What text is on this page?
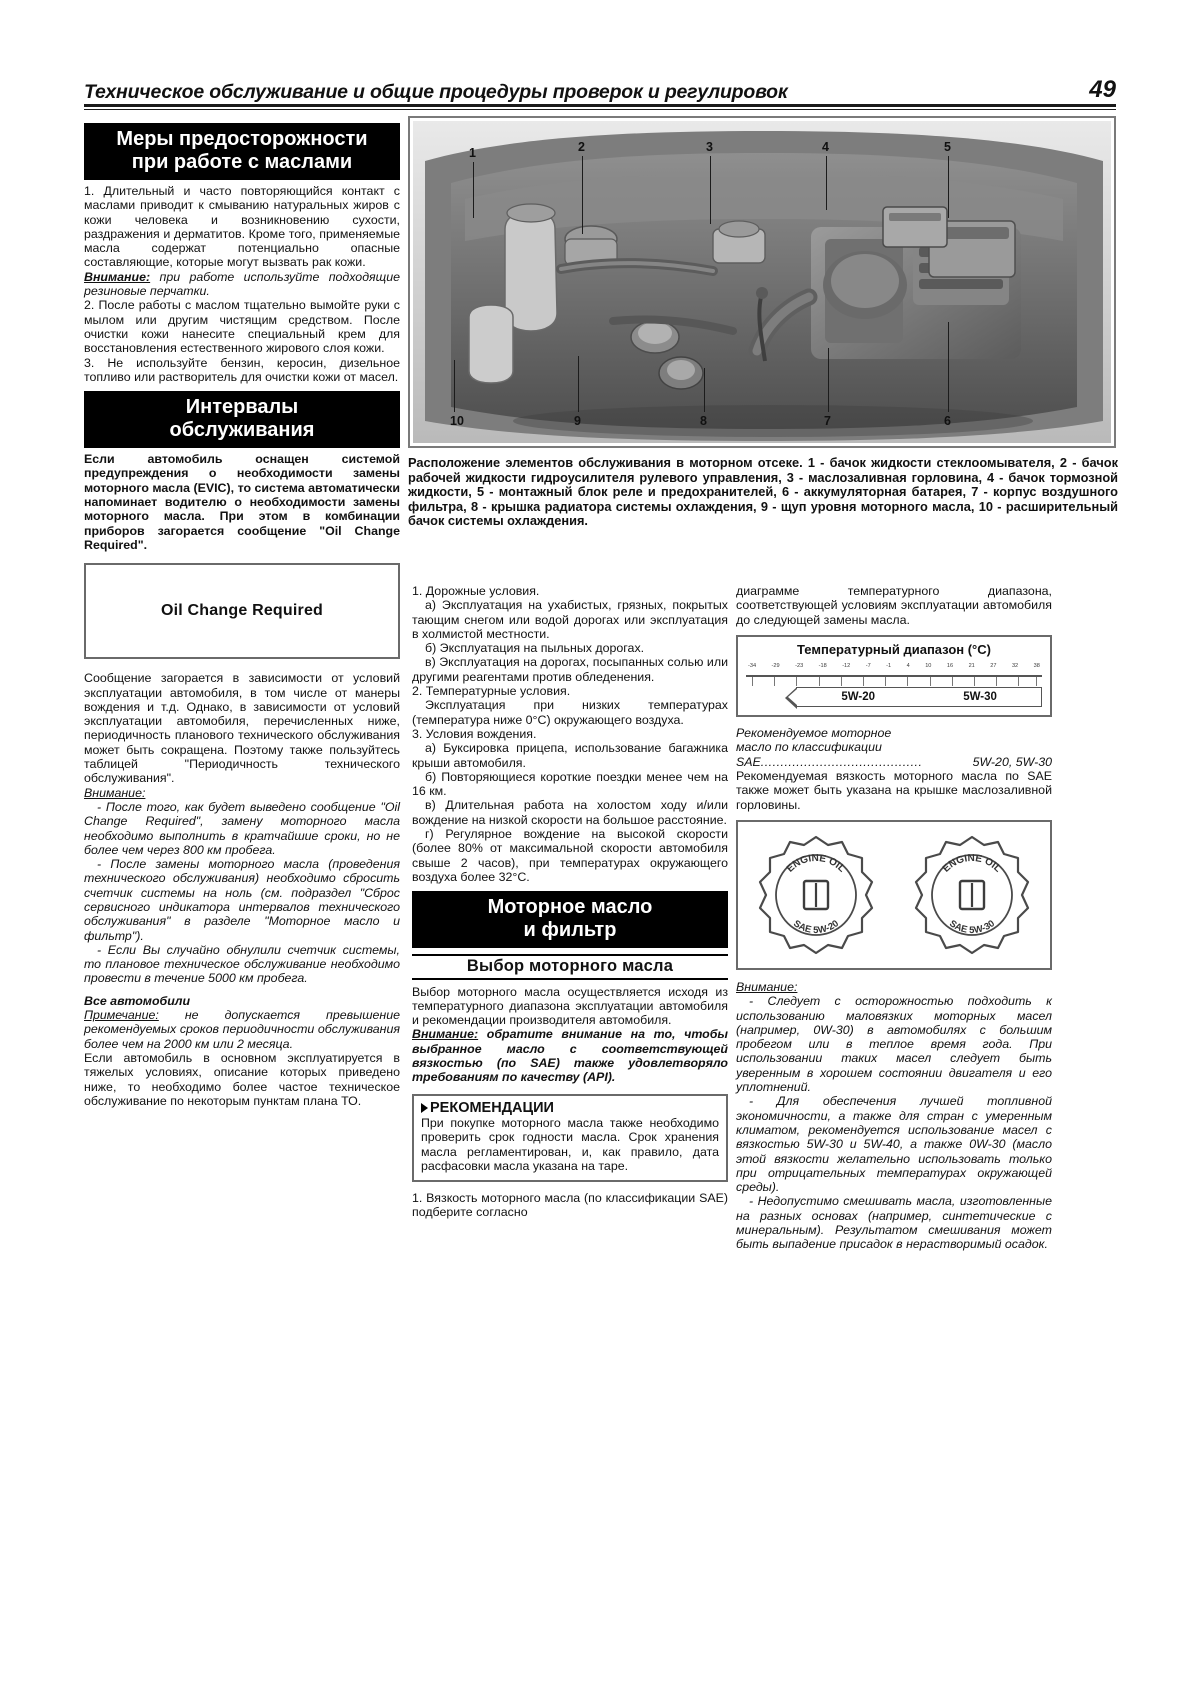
Техническое обслуживание и общие процедуры проверок и регулировок	49
Меры предосторожности
при работе с маслами

1. Длительный и часто повторяющийся контакт с маслами приводит к смыванию натуральных жиров с кожи человека и возникновению сухости, раздражения и дерматитов. Кроме того, применяемые масла содержат потенциально опасные составляющие, которые могут вызвать рак кожи.

Внимание: при работе используйте подходящие резиновые перчатки.

2. После работы с маслом тщательно вымойте руки с мылом или другим чистящим средством. После очистки кожи нанесите специальный крем для восстановления естественного жирового слоя кожи.

3. Не используйте бензин, керосин, дизельное топливо или растворитель для очистки кожи от масел.

Интервалы
обслуживания

Если автомобиль оснащен системой предупреждения о необходимости замены моторного масла (EVIC), то система автоматически напоминает водителю о необходимости замены моторного масла. При этом в комбинации приборов загорается сообщение "Oil Change Required".

Oil Change Required

Сообщение загорается в зависимости от условий эксплуатации автомобиля, в том числе от манеры вождения и т.д. Однако, в зависимости от условий эксплуатации автомобиля, перечисленных ниже, периодичность планового технического обслуживания может быть сокращена. Поэтому также пользуйтесь таблицей "Периодичность технического обслуживания".

Внимание:

- После того, как будет выведено сообщение "Oil Change Required", замену моторного масла необходимо выполнить в кратчайшие сроки, но не более чем через 800 км пробега.

- После замены моторного масла (проведения технического обслуживания) необходимо сбросить счетчик системы на ноль (см. подраздел "Сброс сервисного индикатора интервалов технического обслуживания" в разделе "Моторное масло и фильтр").

- Если Вы случайно обнулили счетчик системы, то плановое техническое обслуживание необходимо провести в течение 5000 км пробега.

Все автомобили

Примечание: не допускается превышение рекомендуемых сроков периодичности обслуживания более чем на 2000 км или 2 месяца.

Если автомобиль в основном эксплуатируется в тяжелых условиях, описание которых приведено ниже, то необходимо более частое техническое обслуживание по некоторым пунктам плана ТО.

1	2	3	4	5
10	9	8	7	6
Расположение элементов обслуживания в моторном отсеке. 1 - бачок жидкости стеклоомывателя, 2 - бачок рабочей жидкости гидроусилителя рулевого управления, 3 - маслозаливная горловина, 4 - бачок тормозной жидкости, 5 - монтажный блок реле и предохранителей, 6 - аккумуляторная батарея, 7 - корпус воздушного фильтра, 8 - крышка радиатора системы охлаждения, 9 - щуп уровня моторного масла, 10 - расширительный бачок системы охлаждения.

1. Дорожные условия.

а) Эксплуатация на ухабистых, грязных, покрытых тающим снегом или водой дорогах или эксплуатация в холмистой местности.

б) Эксплуатация на пыльных дорогах.

в) Эксплуатация на дорогах, посыпанных солью или другими реагентами против обледенения.

2. Температурные условия.

Эксплуатация при низких температурах (температура ниже 0°C) окружающего воздуха.

3. Условия вождения.

а) Буксировка прицепа, использование багажника крыши автомобиля.

б) Повторяющиеся короткие поездки менее чем на 16 км.

в) Длительная работа на холостом ходу и/или вождение на низкой скорости на большое расстояние.

г) Регулярное вождение на высокой скорости (более 80% от максимальной скорости автомобиля свыше 2 часов), при температурах окружающего воздуха более 32°C.

Моторное масло
и фильтр
Выбор моторного масла

Выбор моторного масла осуществляется исходя из температурного диапазона эксплуатации автомобиля и рекомендации производителя автомобиля.

Внимание: обратите внимание на то, чтобы выбранное масло с соответствующей вязкостью (по SAE) также удовлетворяло требованиям по качеству (API).

РЕКОМЕНДАЦИИ
При покупке моторного масла также необходимо проверить срок годности масла. Срок хранения масла регламентирован, и, как правило, дата расфасовки масла указана на таре.

1. Вязкость моторного масла (по классификации SAE) подберите согласно

диаграмме температурного диапазона, соответствующей условиям эксплуатации автомобиля до следующей замены масла.

Температурный диапазон (°C)
-34	-29	-23	-18	-12	-7	-1	4	10	16	21	27	32	38
5W-20	5W-30

Рекомендуемое моторное

масло по классификации

SAE .........................................	5W-20, 5W-30

Рекомендуемая вязкость моторного масла по SAE также может быть указана на крышке маслозаливной горловины.

ENGINE OIL
SAE 5W-20
ENGINE OIL
SAE 5W-30

Внимание:

- Следует с осторожностью подходить к использованию маловязких моторных масел (например, 0W-30) в автомобилях с большим пробегом или в теплое время года. При использовании таких масел следует быть уверенным в хорошем состоянии двигателя и его уплотнений.

- Для обеспечения лучшей топливной экономичности, а также для стран с умеренным климатом, рекомендуется использование масел с вязкостью 5W-30 и 5W-40, а также 0W-30 (масло этой вязкости желательно использовать только при отрицательных температурах окружающей среды).

- Недопустимо смешивать масла, изготовленные на разных основах (например, синтетические с минеральным). Результатом смешивания может быть выпадение присадок в нерастворимый осадок.
